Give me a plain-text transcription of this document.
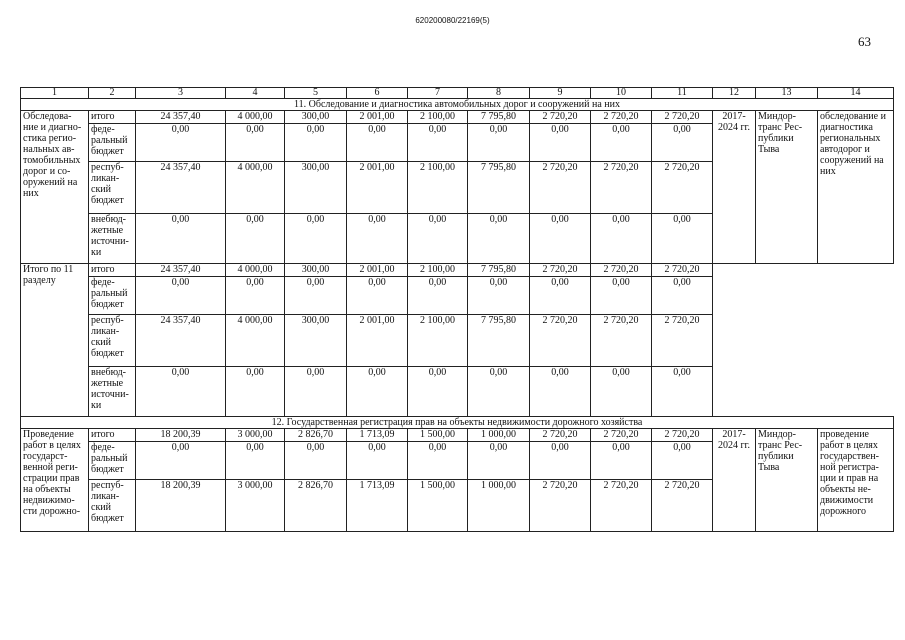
620200080/22169(5)
63
1	2	3	4	5	6	7	8	9	10	11	12	13	14
11. Обследование и диагностика автомобильных дорог и сооружений на них													
Обследова-ние и диагно-стика регио-нальных ав-томобильных дорог и со-оружений на них	итого	24 357,40	4 000,00	300,00	2 001,00	2 100,00	7 795,80	2 720,20	2 720,20	2 720,20	2017-2024 гг.	Миндор-транс Рес-публики Тыва	обследование и диагностика региональных автодорог и сооружений на них
	феде-ральный бюджет	0,00	0,00	0,00	0,00	0,00	0,00	0,00	0,00	0,00			
	респуб-ликан-ский бюджет	24 357,40	4 000,00	300,00	2 001,00	2 100,00	7 795,80	2 720,20	2 720,20	2 720,20			
	внебюд-жетные источни-ки	0,00	0,00	0,00	0,00	0,00	0,00	0,00	0,00	0,00			
Итого по 11 разделу	итого	24 357,40	4 000,00	300,00	2 001,00	2 100,00	7 795,80	2 720,20	2 720,20	2 720,20			
	феде-ральный бюджет	0,00	0,00	0,00	0,00	0,00	0,00	0,00	0,00	0,00			
	респуб-ликан-ский бюджет	24 357,40	4 000,00	300,00	2 001,00	2 100,00	7 795,80	2 720,20	2 720,20	2 720,20			
	внебюд-жетные источни-ки	0,00	0,00	0,00	0,00	0,00	0,00	0,00	0,00	0,00			
12. Государственная регистрация прав на объекты недвижимости дорожного хозяйства													
Проведение работ в целях государст-венной реги-страции прав на объекты недвижимо-сти дорожно-	итого	18 200,39	3 000,00	2 826,70	1 713,09	1 500,00	1 000,00	2 720,20	2 720,20	2 720,20	2017-2024 гг.	Миндор-транс Рес-публики Тыва	проведение работ в целях государствен-ной регистра-ции и прав на объекты не-движимости дорожного
	феде-ральный бюджет	0,00	0,00	0,00	0,00	0,00	0,00	0,00	0,00	0,00			
	респуб-ликан-ский бюджет	18 200,39	3 000,00	2 826,70	1 713,09	1 500,00	1 000,00	2 720,20	2 720,20	2 720,20			
